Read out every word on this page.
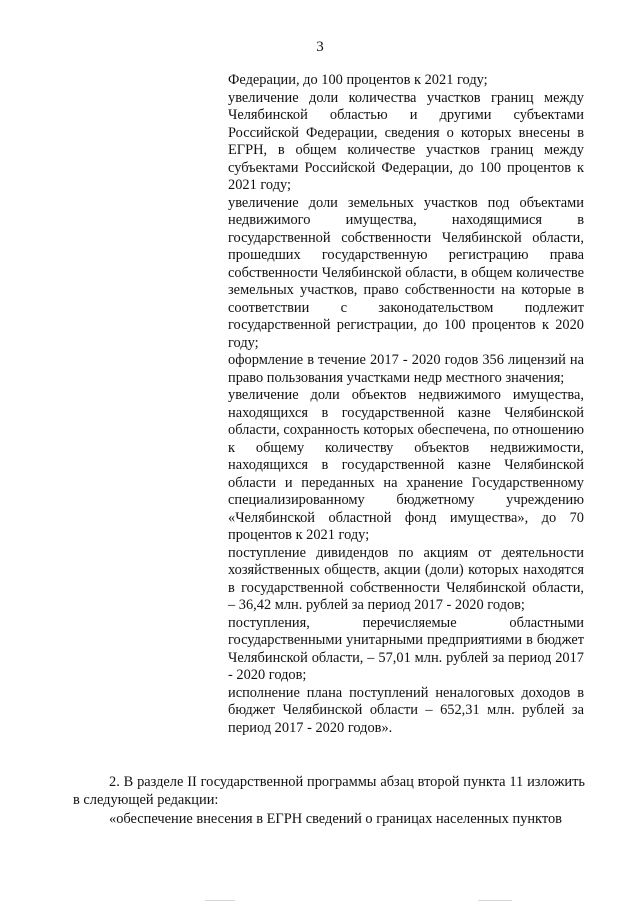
3

Федерации, до 100 процентов к 2021 году;

увеличение доли количества участков границ между Челябинской областью и другими субъектами Российской Федерации, сведения о которых внесены в ЕГРН, в общем количестве участков границ между субъектами Российской Федерации, до 100 процентов к 2021 году;

увеличение доли земельных участков под объектами недвижимого имущества, находящимися в государственной собственности Челябинской области, прошедших государственную регистрацию права собственности Челябинской области, в общем количестве земельных участков, право собственности на которые в соответствии с законодательством подлежит государственной регистрации, до 100 процентов к 2020 году;

оформление в течение 2017 - 2020 годов 356 лицензий на право пользования участками недр местного значения;

увеличение доли объектов недвижимого имущества, находящихся в государственной казне Челябинской области, сохранность которых обеспечена, по отношению к общему количеству объектов недвижимости, находящихся в государственной казне Челябинской области и переданных на хранение Государственному специализированному бюджетному учреждению «Челябинской областной фонд имущества», до 70 процентов к 2021 году;

поступление дивидендов по акциям от деятельности хозяйственных обществ, акции (доли) которых находятся в государственной собственности Челябинской области, – 36,42 млн. рублей за период 2017 - 2020 годов;

поступления, перечисляемые областными государственными унитарными предприятиями в бюджет Челябинской области, – 57,01 млн. рублей за период 2017 - 2020 годов;

исполнение плана поступлений неналоговых доходов в бюджет Челябинской области – 652,31 млн. рублей за период 2017 - 2020 годов».

2. В разделе II государственной программы абзац второй пункта 11 изложить в следующей редакции:

«обеспечение внесения в ЕГРН сведений о границах населенных пунктов
